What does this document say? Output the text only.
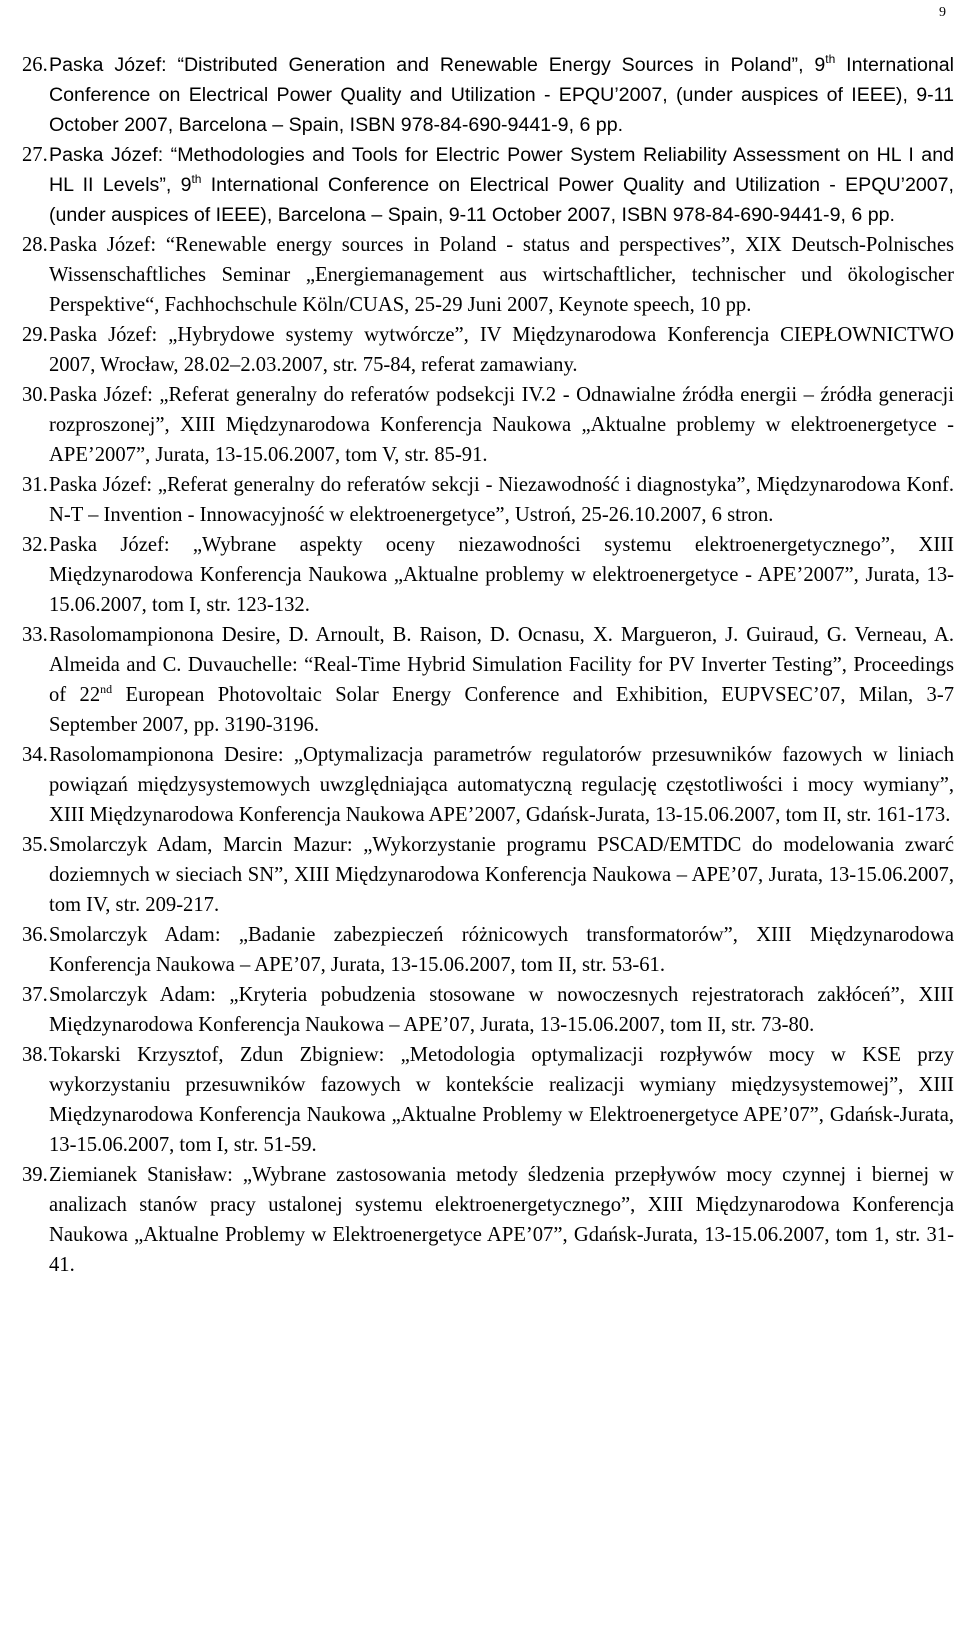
9
26. Paska Józef: “Distributed Generation and Renewable Energy Sources in Poland”, 9th International Conference on Electrical Power Quality and Utilization - EPQU’2007, (under auspices of IEEE), 9-11 October 2007, Barcelona – Spain, ISBN 978-84-690-9441-9, 6 pp.
27. Paska Józef: “Methodologies and Tools for Electric Power System Reliability Assessment on HL I and HL II Levels”, 9th International Conference on Electrical Power Quality and Utilization - EPQU’2007, (under auspices of IEEE), Barcelona – Spain, 9-11 October 2007, ISBN 978-84-690-9441-9, 6 pp.
28. Paska Józef: “Renewable energy sources in Poland - status and perspectives”, XIX Deutsch-Polnisches Wissenschaftliches Seminar „Energiemanagement aus wirtschaftlicher, technischer und ökologischer Perspektive“, Fachhochschule Köln/CUAS, 25-29 Juni 2007, Keynote speech, 10 pp.
29. Paska Józef: „Hybrydowe systemy wytwórcze”, IV Międzynarodowa Konferencja CIEPŁOWNICTWO 2007, Wrocław, 28.02–2.03.2007, str. 75-84, referat zamawiany.
30. Paska Józef: „Referat generalny do referatów podsekcji IV.2 - Odnawialne źródła energii – źródła generacji rozproszonej”, XIII Międzynarodowa Konferencja Naukowa „Aktualne problemy w elektroenergetyce - APE’2007”, Jurata, 13-15.06.2007, tom V, str. 85-91.
31. Paska Józef: „Referat generalny do referatów sekcji - Niezawodność i diagnostyka”, Międzynarodowa Konf. N-T – Invention - Innowacyjność w elektroenergetyce”, Ustroń, 25-26.10.2007, 6 stron.
32. Paska Józef: „Wybrane aspekty oceny niezawodności systemu elektroenergetycznego”, XIII Międzynarodowa Konferencja Naukowa „Aktualne problemy w elektroenergetyce - APE’2007”, Jurata, 13-15.06.2007, tom I, str. 123-132.
33. Rasolomampionona Desire, D. Arnoult, B. Raison, D. Ocnasu, X. Margueron, J. Guiraud, G. Verneau, A. Almeida and C. Duvauchelle: “Real-Time Hybrid Simulation Facility for PV Inverter Testing”, Proceedings of 22nd European Photovoltaic Solar Energy Conference and Exhibition, EUPVSEC’07, Milan, 3-7 September 2007, pp. 3190-3196.
34. Rasolomampionona Desire: „Optymalizacja parametrów regulatorów przesuwników fazowych w liniach powiązań międzysystemowych uwzględniająca automatyczną regulację częstotliwości i mocy wymiany”, XIII Międzynarodowa Konferencja Naukowa APE’2007, Gdańsk-Jurata, 13-15.06.2007, tom II, str. 161-173.
35. Smolarczyk Adam, Marcin Mazur: „Wykorzystanie programu PSCAD/EMTDC do modelowania zwarć doziemnych w sieciach SN”, XIII Międzynarodowa Konferencja Naukowa – APE’07, Jurata, 13-15.06.2007, tom IV, str. 209-217.
36. Smolarczyk Adam: „Badanie zabezpieczeń różnicowych transformatorów”, XIII Międzynarodowa Konferencja Naukowa – APE’07, Jurata, 13-15.06.2007, tom II, str. 53-61.
37. Smolarczyk Adam: „Kryteria pobudzenia stosowane w nowoczesnych rejestratorach zakłóceń”, XIII Międzynarodowa Konferencja Naukowa – APE’07, Jurata, 13-15.06.2007, tom II, str. 73-80.
38. Tokarski Krzysztof, Zdun Zbigniew: „Metodologia optymalizacji rozpływów mocy w KSE przy wykorzystaniu przesuwników fazowych w kontekście realizacji wymiany międzysystemowej”, XIII Międzynarodowa Konferencja Naukowa „Aktualne Problemy w Elektroenergetyce APE’07”, Gdańsk-Jurata, 13-15.06.2007, tom I, str. 51-59.
39. Ziemianek Stanisław: „Wybrane zastosowania metody śledzenia przepływów mocy czynnej i biernej w analizach stanów pracy ustalonej systemu elektroenergetycznego”, XIII Międzynarodowa Konferencja Naukowa „Aktualne Problemy w Elektroenergetyce APE’07”, Gdańsk-Jurata, 13-15.06.2007, tom 1, str. 31-41.
